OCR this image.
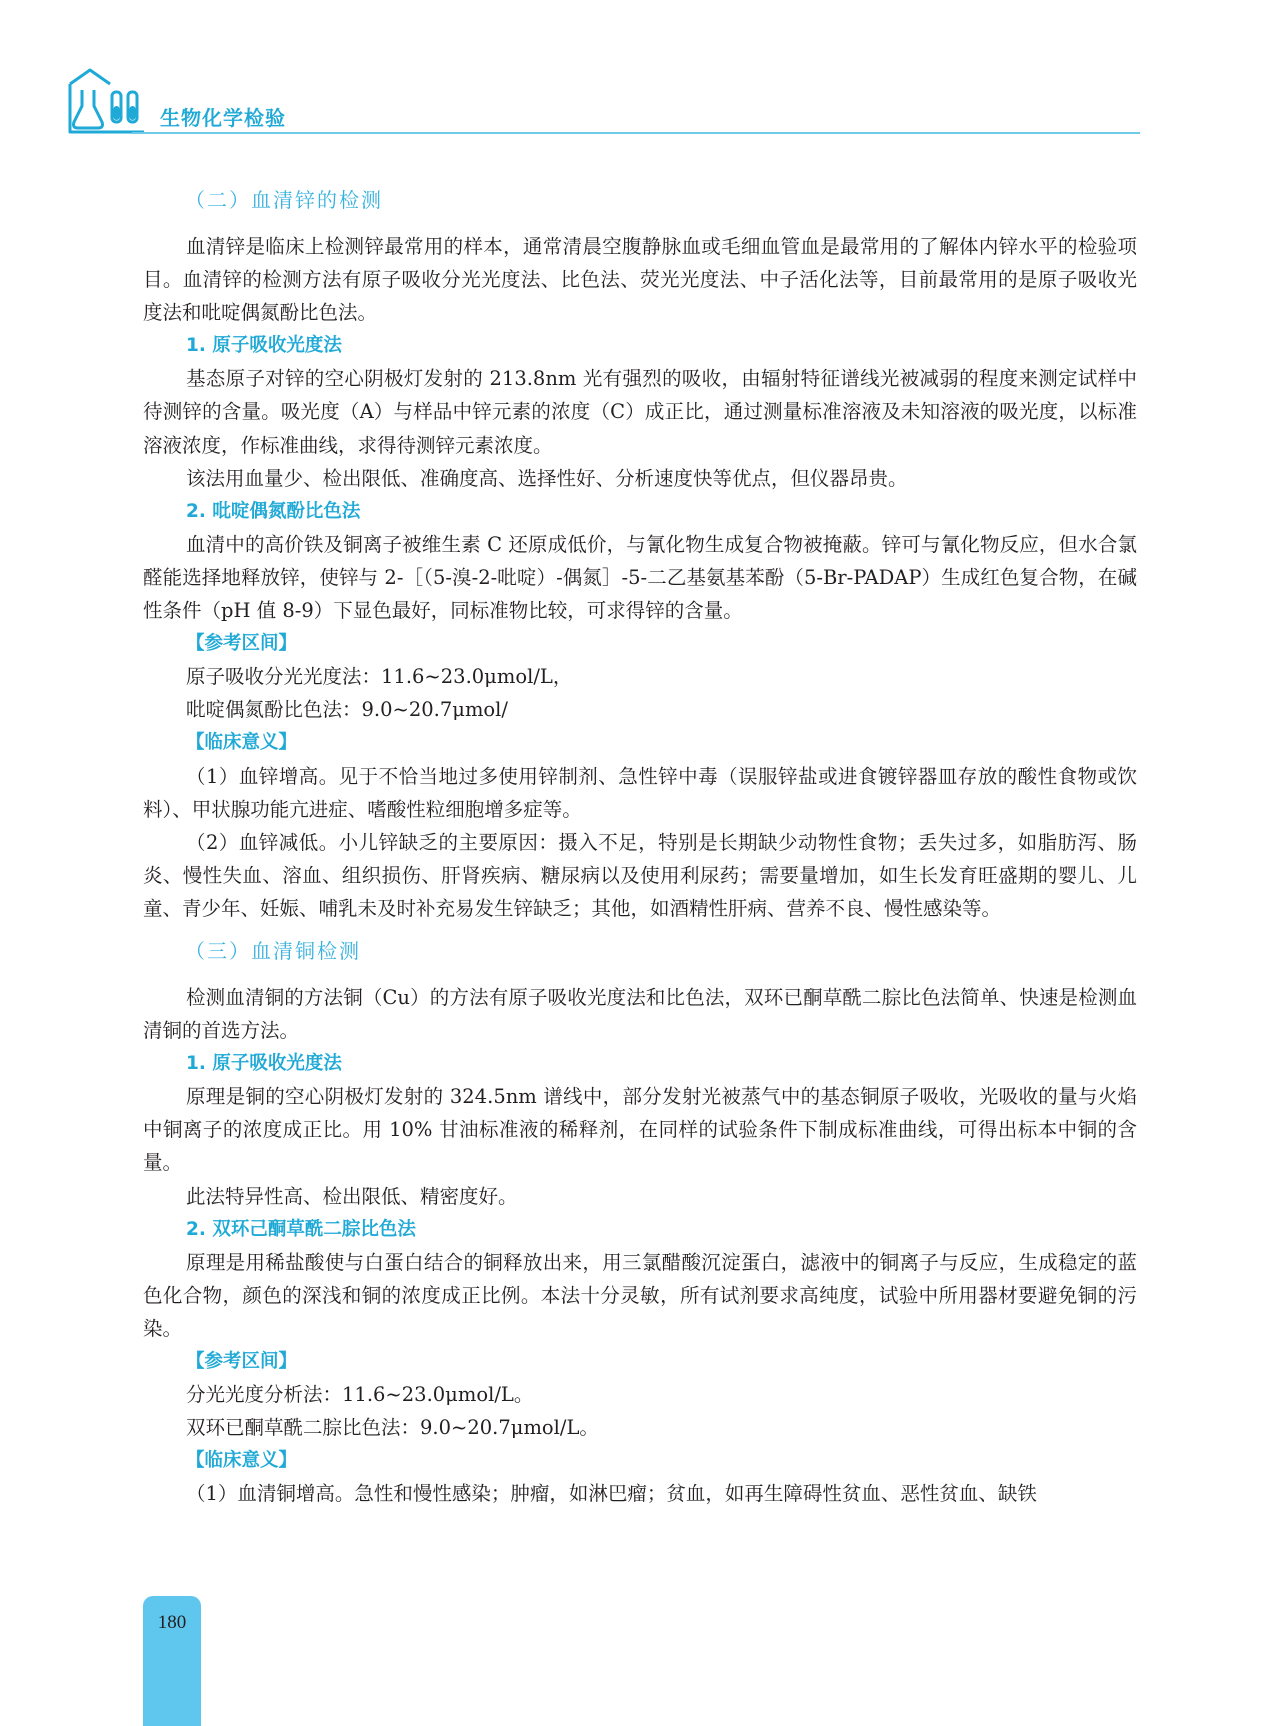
生物化学检验
（二）血清锌的检测

血清锌是临床上检测锌最常用的样本，通常清晨空腹静脉血或毛细血管血是最常用的了解体内锌水平的检验项目。血清锌的检测方法有原子吸收分光光度法、比色法、荧光光度法、中子活化法等，目前最常用的是原子吸收光度法和吡啶偶氮酚比色法。

1. 原子吸收光度法

基态原子对锌的空心阴极灯发射的 213.8nm 光有强烈的吸收，由辐射特征谱线光被减弱的程度来测定试样中待测锌的含量。吸光度（A）与样品中锌元素的浓度（C）成正比，通过测量标准溶液及未知溶液的吸光度，以标准溶液浓度，作标准曲线，求得待测锌元素浓度。

该法用血量少、检出限低、准确度高、选择性好、分析速度快等优点，但仪器昂贵。

2. 吡啶偶氮酚比色法

血清中的高价铁及铜离子被维生素 C 还原成低价，与氰化物生成复合物被掩蔽。锌可与氰化物反应，但水合氯醛能选择地释放锌，使锌与 2-［（5-溴-2-吡啶）-偶氮］-5-二乙基氨基苯酚（5-Br-PADAP）生成红色复合物，在碱性条件（pH 值 8-9）下显色最好，同标准物比较，可求得锌的含量。

【参考区间】

原子吸收分光光度法：11.6~23.0μmol/L，

吡啶偶氮酚比色法：9.0~20.7μmol/

【临床意义】

（1）血锌增高。见于不恰当地过多使用锌制剂、急性锌中毒（误服锌盐或进食镀锌器皿存放的酸性食物或饮料）、甲状腺功能亢进症、嗜酸性粒细胞增多症等。

（2）血锌减低。小儿锌缺乏的主要原因：摄入不足，特别是长期缺少动物性食物；丢失过多，如脂肪泻、肠炎、慢性失血、溶血、组织损伤、肝肾疾病、糖尿病以及使用利尿药；需要量增加，如生长发育旺盛期的婴儿、儿童、青少年、妊娠、哺乳未及时补充易发生锌缺乏；其他，如酒精性肝病、营养不良、慢性感染等。

（三）血清铜检测

检测血清铜的方法铜（Cu）的方法有原子吸收光度法和比色法，双环已酮草酰二腙比色法简单、快速是检测血清铜的首选方法。

1. 原子吸收光度法

原理是铜的空心阴极灯发射的 324.5nm 谱线中，部分发射光被蒸气中的基态铜原子吸收，光吸收的量与火焰中铜离子的浓度成正比。用 10% 甘油标准液的稀释剂，在同样的试验条件下制成标准曲线，可得出标本中铜的含量。

此法特异性高、检出限低、精密度好。

2. 双环己酮草酰二腙比色法

原理是用稀盐酸使与白蛋白结合的铜释放出来，用三氯醋酸沉淀蛋白，滤液中的铜离子与反应，生成稳定的蓝色化合物，颜色的深浅和铜的浓度成正比例。本法十分灵敏，所有试剂要求高纯度，试验中所用器材要避免铜的污染。

【参考区间】

分光光度分析法：11.6~23.0μmol/L。

双环已酮草酰二腙比色法：9.0~20.7μmol/L。

【临床意义】

（1）血清铜增高。急性和慢性感染；肿瘤，如淋巴瘤；贫血，如再生障碍性贫血、恶性贫血、缺铁

180
